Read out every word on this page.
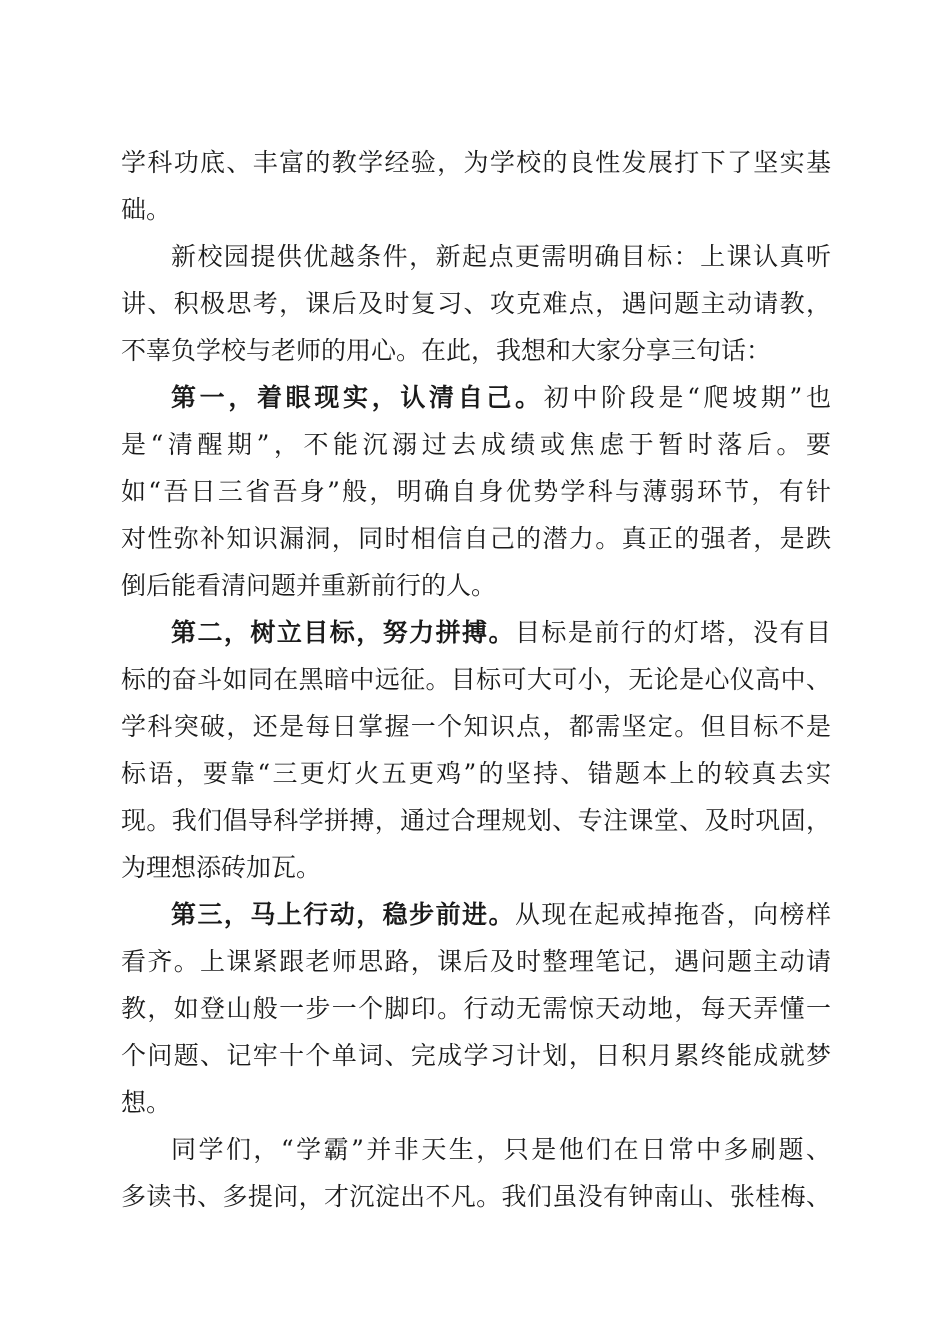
学科功底、丰富的教学经验，为学校的良性发展打下了坚实基
础。
新校园提供优越条件，新起点更需明确目标：上课认真听
讲、积极思考，课后及时复习、攻克难点，遇问题主动请教，
不辜负学校与老师的用心。在此，我想和大家分享三句话：
第一，着眼现实，认清自己。初中阶段是“爬坡期”也
是“清醒期”，不能沉溺过去成绩或焦虑于暂时落后。要
如“吾日三省吾身”般，明确自身优势学科与薄弱环节，有针
对性弥补知识漏洞，同时相信自己的潜力。真正的强者，是跌
倒后能看清问题并重新前行的人。
第二，树立目标，努力拼搏。目标是前行的灯塔，没有目
标的奋斗如同在黑暗中远征。目标可大可小，无论是心仪高中、
学科突破，还是每日掌握一个知识点，都需坚定。但目标不是
标语，要靠“三更灯火五更鸡”的坚持、错题本上的较真去实
现。我们倡导科学拼搏，通过合理规划、专注课堂、及时巩固，
为理想添砖加瓦。
第三，马上行动，稳步前进。从现在起戒掉拖沓，向榜样
看齐。上课紧跟老师思路，课后及时整理笔记，遇问题主动请
教，如登山般一步一个脚印。行动无需惊天动地，每天弄懂一
个问题、记牢十个单词、完成学习计划，日积月累终能成就梦
想。
同学们，“学霸”并非天生，只是他们在日常中多刷题、
多读书、多提问，才沉淀出不凡。我们虽没有钟南山、张桂梅、
